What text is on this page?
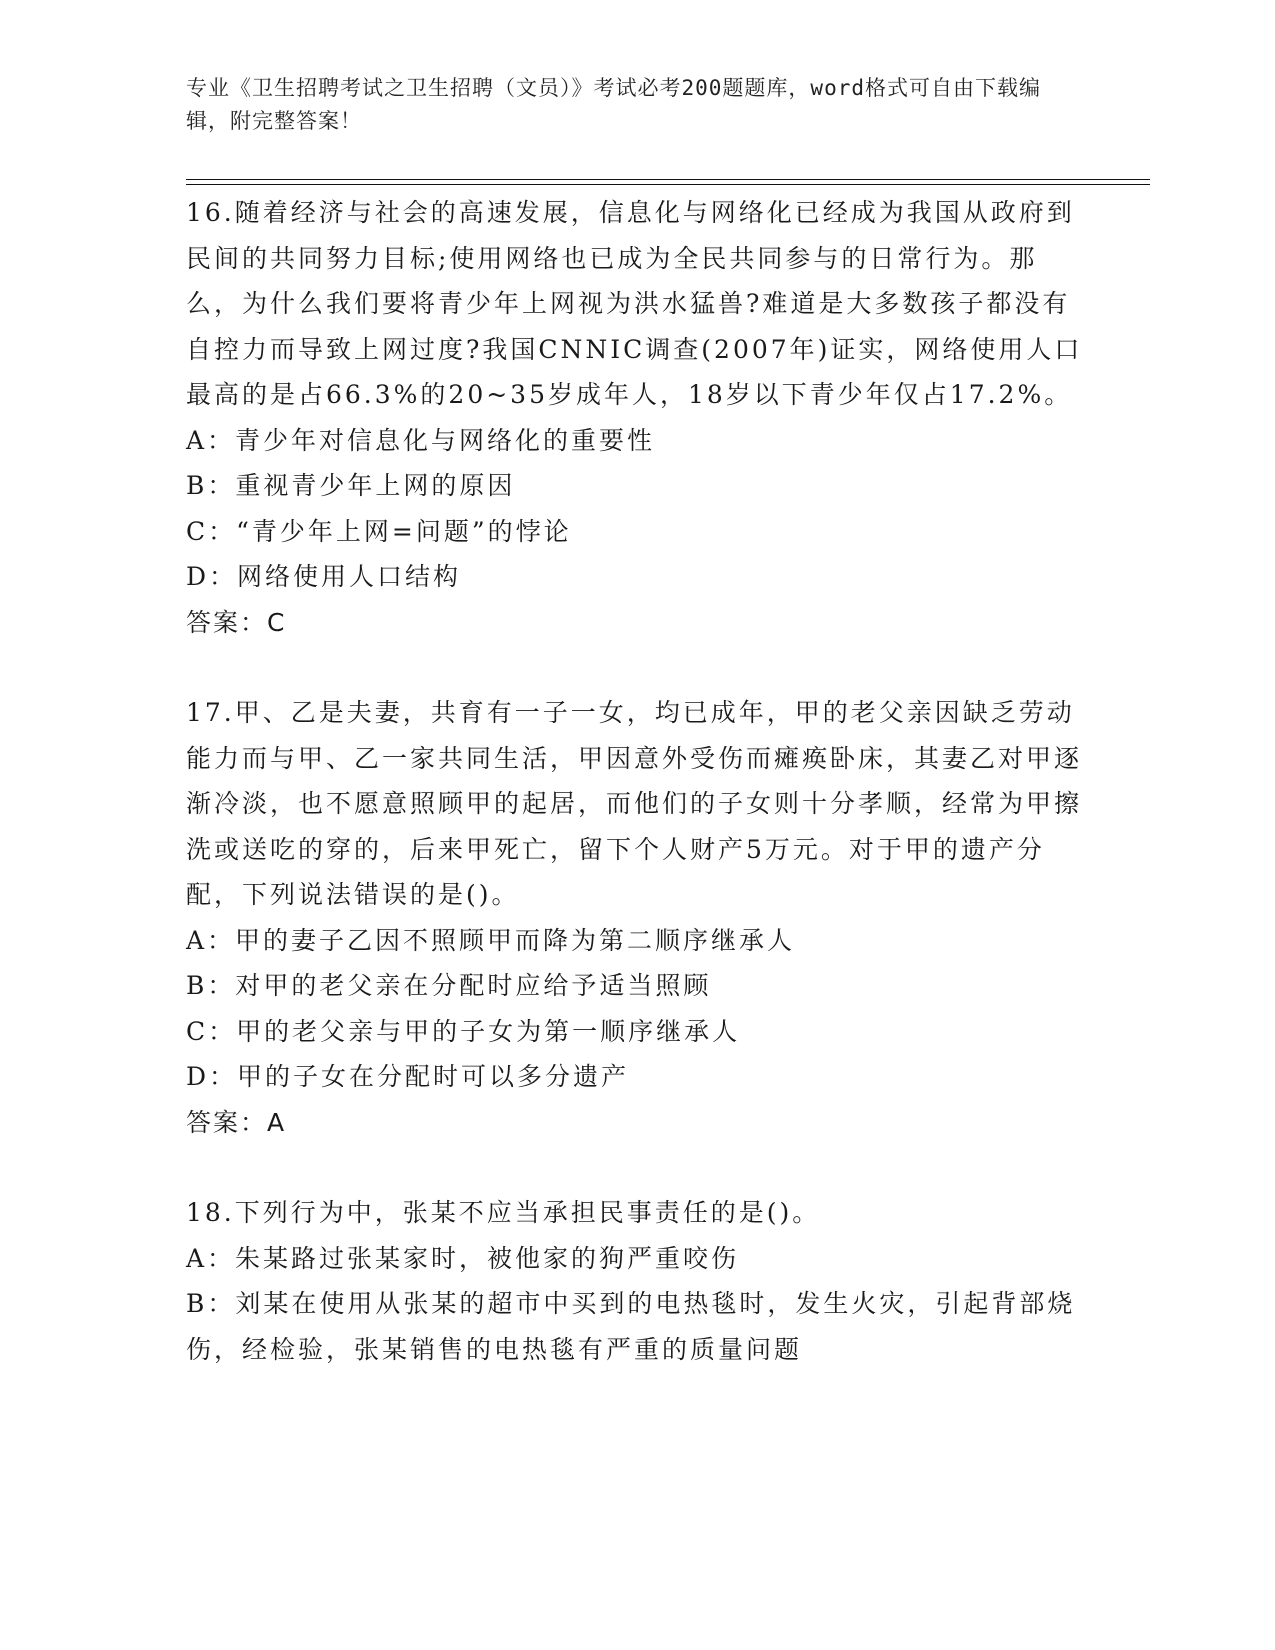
专业《卫生招聘考试之卫生招聘（文员）》考试必考200题题库，word格式可自由下载编辑，附完整答案！

16.随着经济与社会的高速发展，信息化与网络化已经成为我国从政府到民间的共同努力目标;使用网络也已成为全民共同参与的日常行为。那么，为什么我们要将青少年上网视为洪水猛兽?难道是大多数孩子都没有自控力而导致上网过度?我国CNNIC调查(2007年)证实，网络使用人口最高的是占66.3%的20~35岁成年人，18岁以下青少年仅占17.2%。

A：青少年对信息化与网络化的重要性

B：重视青少年上网的原因

C：“青少年上网=问题”的悖论

D：网络使用人口结构

答案：C

17.甲、乙是夫妻，共育有一子一女，均已成年，甲的老父亲因缺乏劳动能力而与甲、乙一家共同生活，甲因意外受伤而瘫痪卧床，其妻乙对甲逐渐冷淡，也不愿意照顾甲的起居，而他们的子女则十分孝顺，经常为甲擦洗或送吃的穿的，后来甲死亡，留下个人财产5万元。对于甲的遗产分配，下列说法错误的是()。

A：甲的妻子乙因不照顾甲而降为第二顺序继承人

B：对甲的老父亲在分配时应给予适当照顾

C：甲的老父亲与甲的子女为第一顺序继承人

D：甲的子女在分配时可以多分遗产

答案：A

18.下列行为中，张某不应当承担民事责任的是()。

A：朱某路过张某家时，被他家的狗严重咬伤

B：刘某在使用从张某的超市中买到的电热毯时，发生火灾，引起背部烧伤，经检验，张某销售的电热毯有严重的质量问题
